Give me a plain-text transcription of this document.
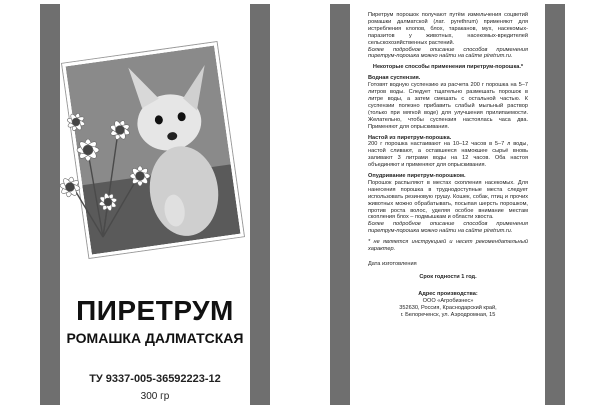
ПИРЕТРУМ
РОМАШКА ДАЛМАТСКАЯ
ТУ 9337-005-36592223-12
300 гр

Пиретрум порошок получают путём измельчения соцветий ромашки далматской (лат. pyrethrum) применяют для истребления клопов, блох, тараканов, мух, насекомых-паразитов у животных, насекомых-вредителей сельскохозяйственных растений.

Более подробное описание способов применения пиретрум-порошка можно найти на сайте piretrum.ru.

Некоторые способы применения пиретрум-порошка.*

Водная суспензия.

Готовят водную суспензию из расчета 200 г порошка на 5–7 литров воды. Следует тщательно размешать порошок в литре воды, а затем смешать с остальной частью. К суспензии полезно прибавить слабый мыльный раствор (только при мягкой воде) для улучшения прилипаемости. Желательно, чтобы суспензия настоялась часа два. Применяют для опрыскивания.

Настой из пиретрум-порошка.

200 г порошка настаивают на 10–12 часов в 5–7 л воды, настой сливают, а оставшееся намокшее сырьё вновь заливают 3 литрами воды на 12 часов. Оба настоя объединяют и применяют для опрыскивания.

Опудривание пиретрум-порошком.

Порошок распыляют в местах скопления насекомых. Для нанесения порошка в труднодоступные места следует использовать резиновую грушу. Кошек, собак, птиц и прочих животных можно обрабатывать, посыпая шерсть порошком, против роста волос, уделяя особое внимание местам скопления блох – подмышкам и области хвоста.

Более подробное описание способов применения пиретрум-порошка можно найти на сайте piretrum.ru.

* не является инструкцией и несет рекомендательный характер.

Дата изготовления

Срок годности 1 год.

Адрес производства:

ООО «Агробизнес»

352630, Россия, Краснодарский край,

г. Белореченск, ул. Аэродромная, 15
